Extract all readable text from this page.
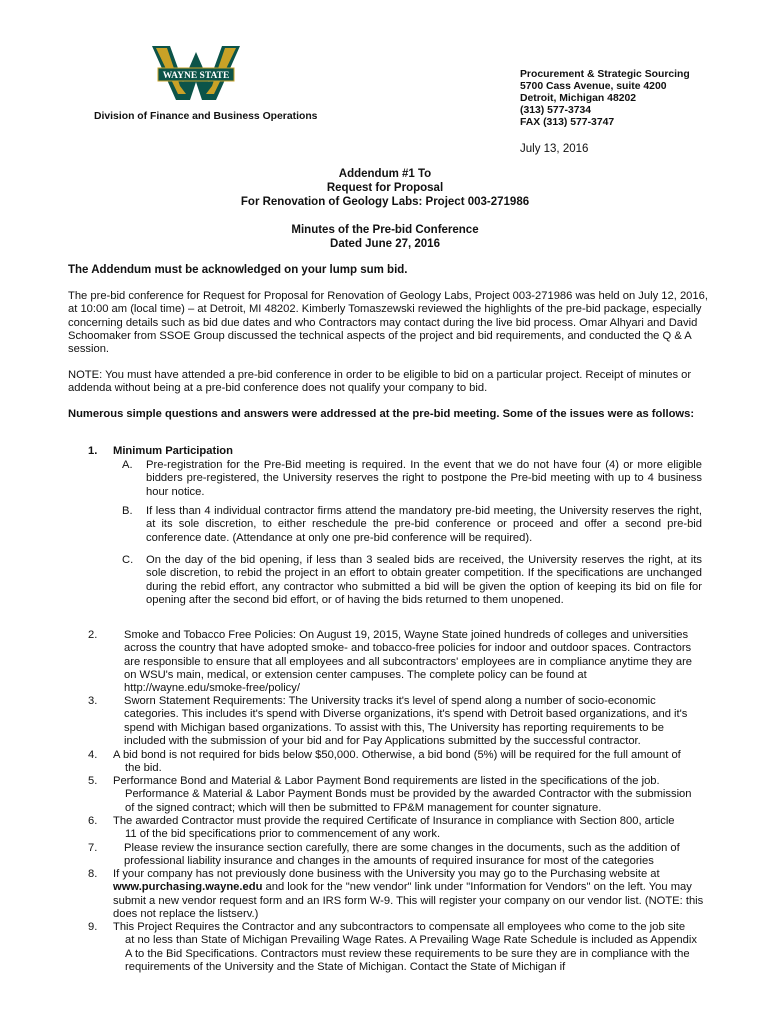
WAYNE STATE
Division of Finance and Business Operations
Procurement & Strategic Sourcing
5700 Cass Avenue, suite 4200
Detroit, Michigan 48202
(313) 577-3734
FAX (313) 577-3747
July 13, 2016
Addendum #1 To
Request for Proposal
For Renovation of Geology Labs: Project 003-271986
Minutes of the Pre-bid Conference
Dated June 27, 2016
The Addendum must be acknowledged on your lump sum bid.

The pre-bid conference for Request for Proposal for Renovation of Geology Labs, Project 003-271986 was held on July 12, 2016, at 10:00 am (local time) – at Detroit, MI 48202. Kimberly Tomaszewski reviewed the highlights of the pre-bid package, especially concerning details such as bid due dates and who Contractors may contact during the live bid process. Omar Alhyari and David Schoomaker from SSOE Group discussed the technical aspects of the project and bid requirements, and conducted the Q & A session.

NOTE: You must have attended a pre-bid conference in order to be eligible to bid on a particular project. Receipt of minutes or addenda without being at a pre-bid conference does not qualify your company to bid.

Numerous simple questions and answers were addressed at the pre-bid meeting. Some of the issues were as follows:

1. Minimum Participation
A. Pre-registration for the Pre-Bid meeting is required. In the event that we do not have four (4) or more eligible bidders pre-registered, the University reserves the right to postpone the Pre-bid meeting with up to 4 business hour notice.
B. If less than 4 individual contractor firms attend the mandatory pre-bid meeting, the University reserves the right, at its sole discretion, to either reschedule the pre-bid conference or proceed and offer a second pre-bid conference date. (Attendance at only one pre-bid conference will be required).
C. On the day of the bid opening, if less than 3 sealed bids are received, the University reserves the right, at its sole discretion, to rebid the project in an effort to obtain greater competition. If the specifications are unchanged during the rebid effort, any contractor who submitted a bid will be given the option of keeping its bid on file for opening after the second bid effort, or of having the bids returned to them unopened.
2. Smoke and Tobacco Free Policies: On August 19, 2015, Wayne State joined hundreds of colleges and universities across the country that have adopted smoke- and tobacco-free policies for indoor and outdoor spaces. Contractors are responsible to ensure that all employees and all subcontractors' employees are in compliance anytime they are on WSU's main, medical, or extension center campuses. The complete policy can be found at http://wayne.edu/smoke-free/policy/
3. Sworn Statement Requirements: The University tracks it's level of spend along a number of socio-economic categories. This includes it's spend with Diverse organizations, it's spend with Detroit based organizations, and it's spend with Michigan based organizations. To assist with this, The University has reporting requirements to be included with the submission of your bid and for Pay Applications submitted by the successful contractor.
4. A bid bond is not required for bids below $50,000. Otherwise, a bid bond (5%) will be required for the full amount of
the bid.
5. Performance Bond and Material & Labor Payment Bond requirements are listed in the specifications of the job.
Performance & Material & Labor Payment Bonds must be provided by the awarded Contractor with the submission of the signed contract; which will then be submitted to FP&M management for counter signature.
6. The awarded Contractor must provide the required Certificate of Insurance in compliance with Section 800, article
11 of the bid specifications prior to commencement of any work.
7. Please review the insurance section carefully, there are some changes in the documents, such as the addition of professional liability insurance and changes in the amounts of required insurance for most of the categories
8. If your company has not previously done business with the University you may go to the Purchasing website at www.purchasing.wayne.edu and look for the "new vendor" link under "Information for Vendors" on the left. You may submit a new vendor request form and an IRS form W-9. This will register your company on our vendor list. (NOTE: this does not replace the listserv.)
9. This Project Requires the Contractor and any subcontractors to compensate all employees who come to the job site
at no less than State of Michigan Prevailing Wage Rates. A Prevailing Wage Rate Schedule is included as Appendix A to the Bid Specifications. Contractors must review these requirements to be sure they are in compliance with the requirements of the University and the State of Michigan. Contact the State of Michigan if
